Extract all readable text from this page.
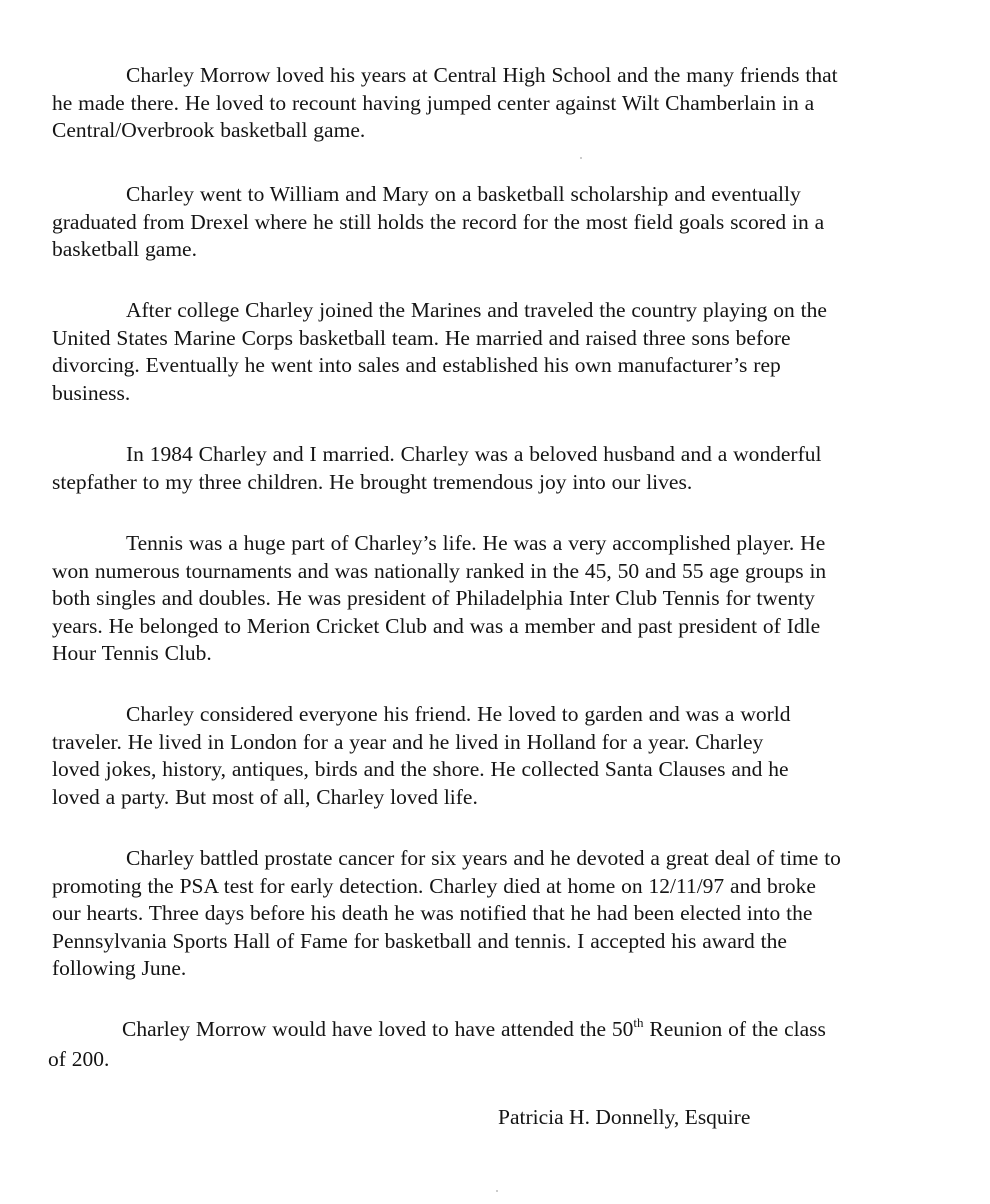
Charley Morrow loved his years at Central High School and the many friends that
he made there. He loved to recount having jumped center against Wilt Chamberlain in a
Central/Overbrook basketball game.

Charley went to William and Mary on a basketball scholarship and eventually
graduated from Drexel where he still holds the record for the most field goals scored in a
basketball game.

After college Charley joined the Marines and traveled the country playing on the
United States Marine Corps basketball team. He married and raised three sons before
divorcing. Eventually he went into sales and established his own manufacturer’s rep
business.

In 1984 Charley and I married. Charley was a beloved husband and a wonderful
stepfather to my three children. He brought tremendous joy into our lives.

Tennis was a huge part of Charley’s life. He was a very accomplished player. He
won numerous tournaments and was nationally ranked in the 45, 50 and 55 age groups in
both singles and doubles. He was president of Philadelphia Inter Club Tennis for twenty
years. He belonged to Merion Cricket Club and was a member and past president of Idle
Hour Tennis Club.

Charley considered everyone his friend. He loved to garden and was a world
traveler. He lived in London for a year and he lived in Holland for a year. Charley
loved jokes, history, antiques, birds and the shore. He collected Santa Clauses and he
loved a party. But most of all, Charley loved life.

Charley battled prostate cancer for six years and he devoted a great deal of time to
promoting the PSA test for early detection. Charley died at home on 12/11/97 and broke
our hearts. Three days before his death he was notified that he had been elected into the
Pennsylvania Sports Hall of Fame for basketball and tennis. I accepted his award the
following June.

Charley Morrow would have loved to have attended the 50th Reunion of the class
of 200.

Patricia H. Donnelly, Esquire
